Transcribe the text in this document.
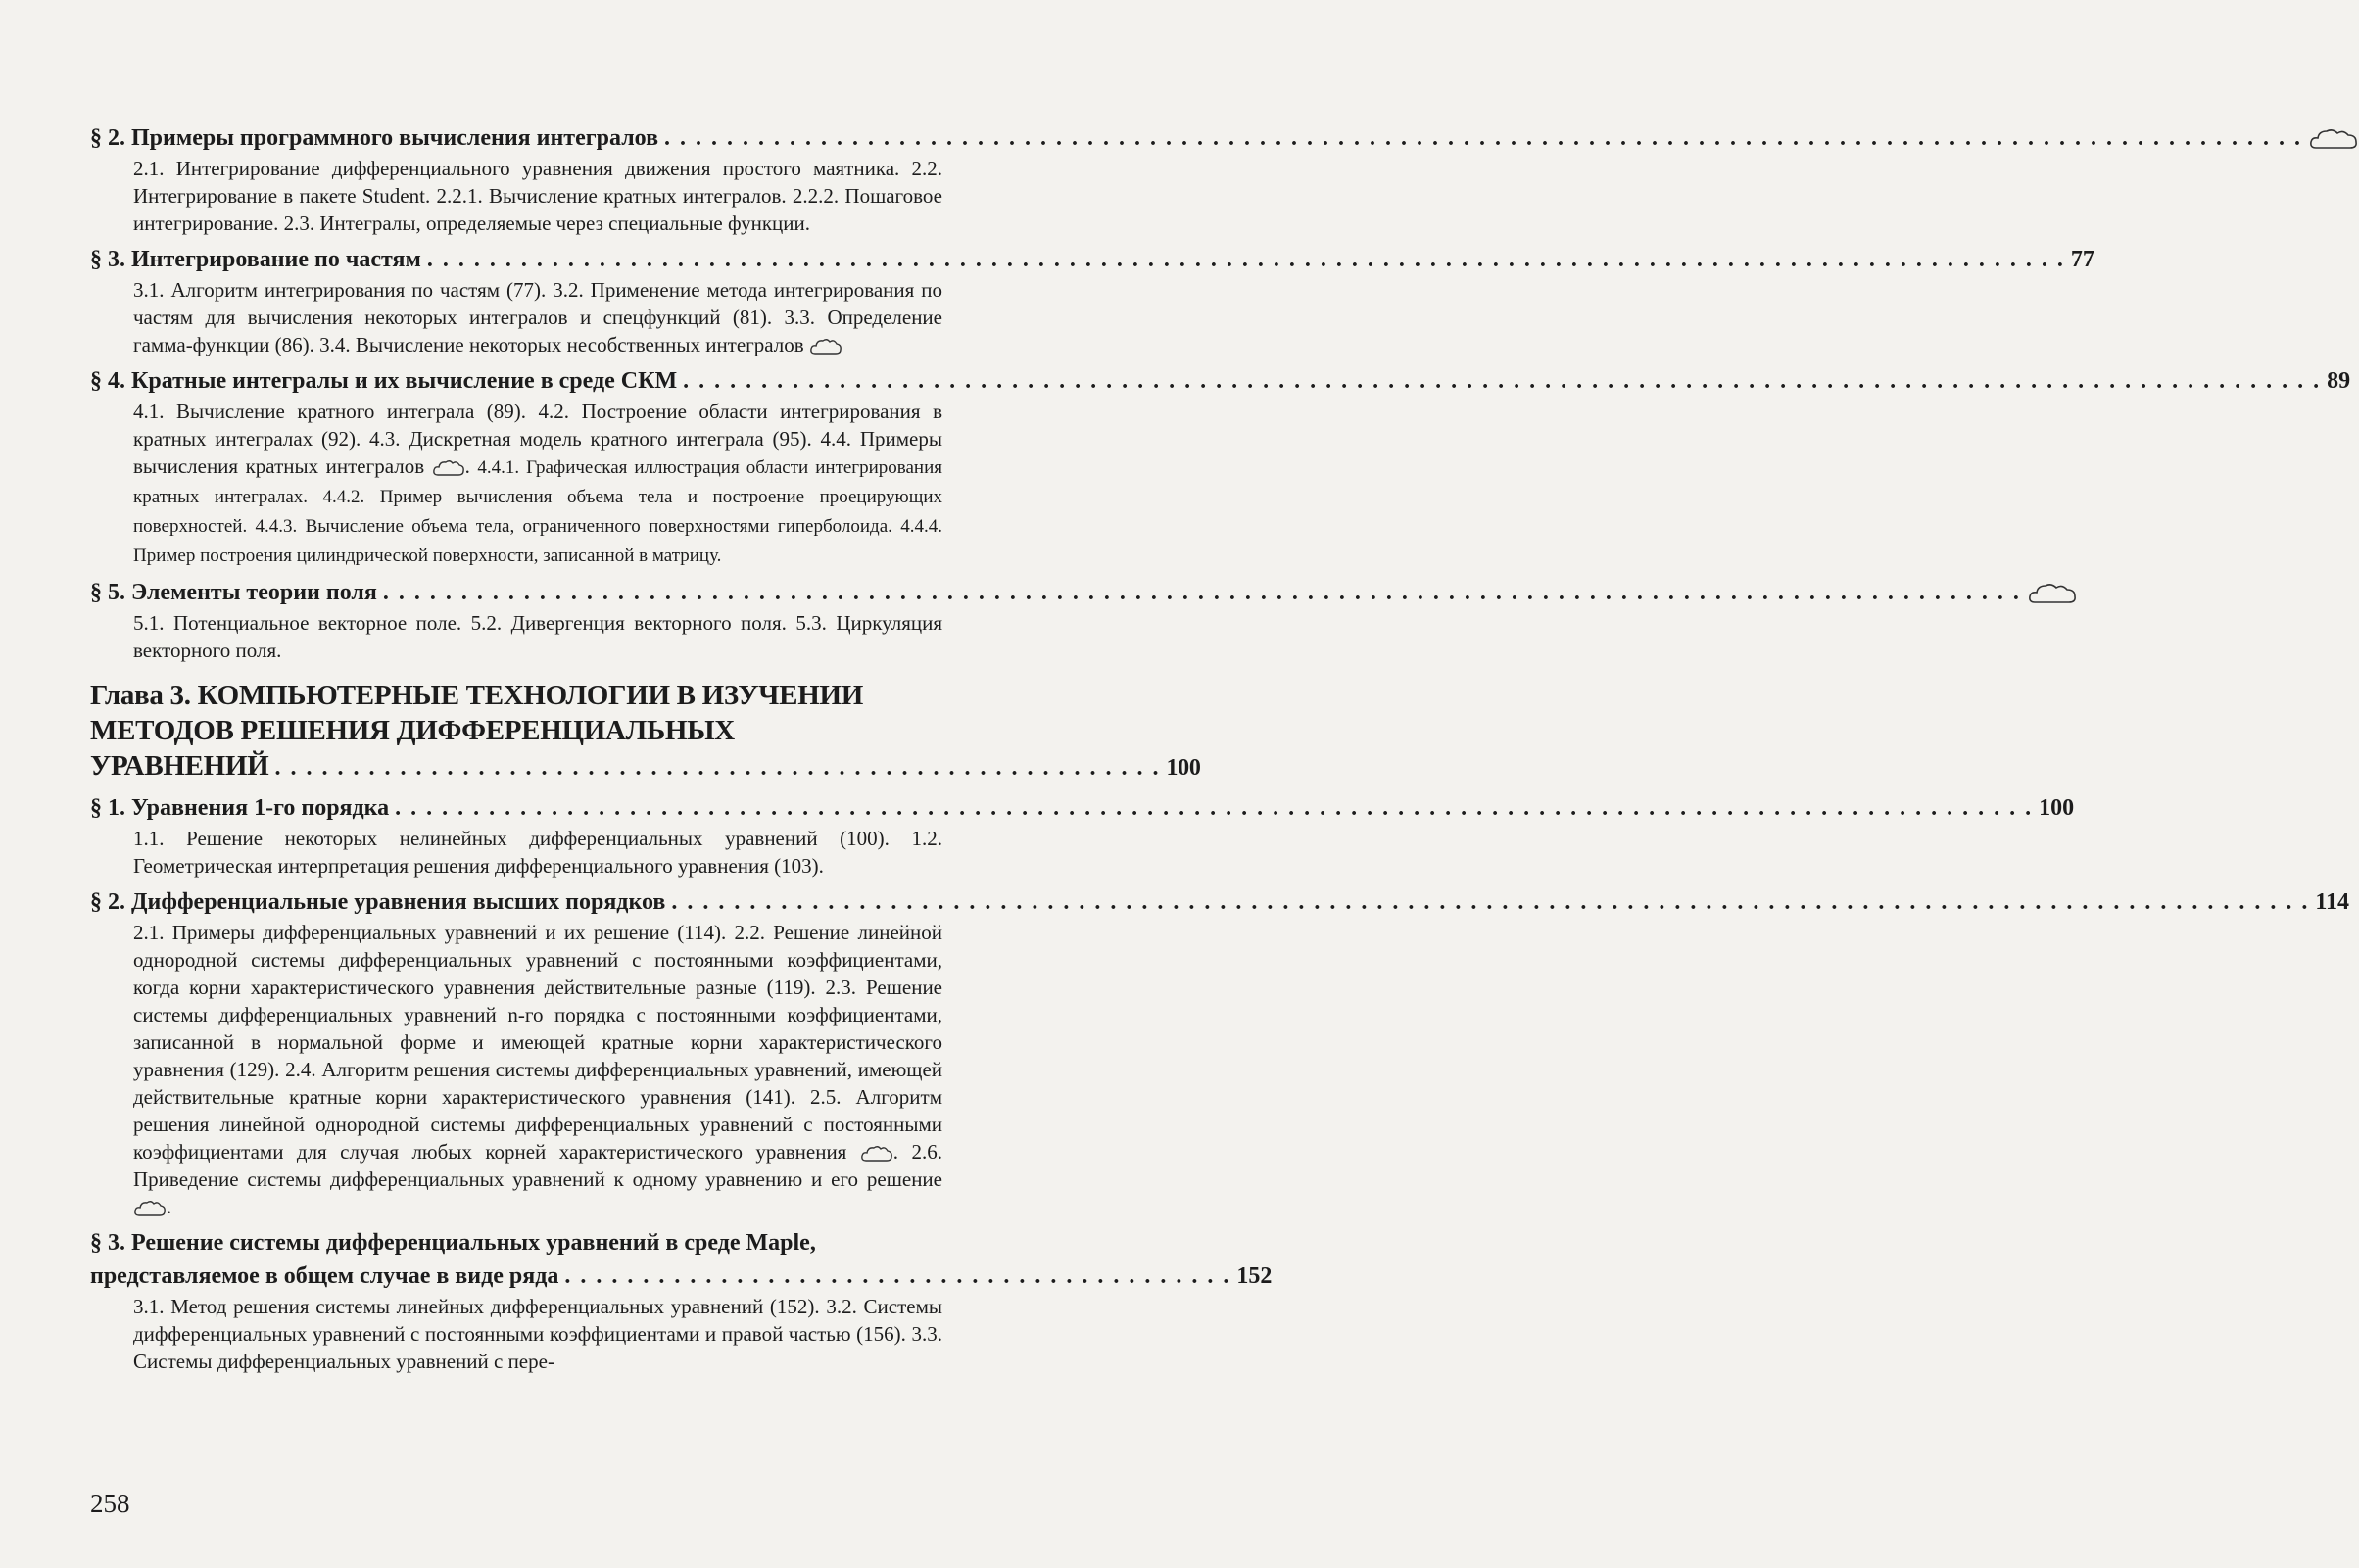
§ 2. Примеры программного вычисления интегралов
. . .
2.1. Интегрирование дифференциального уравнения движения простого маятника. 2.2. Интегрирование в пакете Student. 2.2.1. Вычисление кратных интегралов. 2.2.2. Пошаговое интегрирование. 2.3. Интегралы, определяемые через специальные функции.
§ 3. Интегрирование по частям . . .	77
3.1. Алгоритм интегрирования по частям (77). 3.2. Применение метода интегрирования по частям для вычисления некоторых интегралов и спецфункций (81). 3.3. Определение гамма-функции (86). 3.4. Вычисление некоторых несобственных интегралов
§ 4. Кратные интегралы и их вычисление в среде СКМ . . .	89
4.1. Вычисление кратного интеграла (89). 4.2. Построение области интегрирования в кратных интегралах (92). 4.3. Дискретная модель кратного интеграла (95). 4.4. Примеры вычисления кратных интегралов . 4.4.1. Графическая иллюстрация области интегрирования кратных интегралах. 4.4.2. Пример вычисления объема тела и построение проецирующих поверхностей. 4.4.3. Вычисление объема тела, ограниченного поверхностями гиперболоида. 4.4.4. Пример построения цилиндрической поверхности, записанной в матрицу.
§ 5. Элементы теории поля
. . .
5.1. Потенциальное векторное поле. 5.2. Дивергенция векторного поля. 5.3. Циркуляция векторного поля.
Глава 3. КОМПЬЮТЕРНЫЕ ТЕХНОЛОГИИ В ИЗУЧЕНИИ
МЕТОДОВ РЕШЕНИЯ ДИФФЕРЕНЦИАЛЬНЫХ
УРАВНЕНИЙ . . . . . . . . . . . . . . . . . . . . . . . . . . . . . . . . . . . . . . . . . . . . . . . . . . . . . . . . . 100
§ 1. Уравнения 1-го порядка . . .	100
1.1. Решение некоторых нелинейных дифференциальных уравнений (100). 1.2. Геометрическая интерпретация решения дифференциального уравнения (103).
§ 2. Дифференциальные уравнения высших порядков . . .	114
2.1. Примеры дифференциальных уравнений и их решение (114). 2.2. Решение линейной однородной системы дифференциальных уравнений с постоянными коэффициентами, когда корни характеристического уравнения действительные разные (119). 2.3. Решение системы дифференциальных уравнений n-го порядка с постоянными коэффициентами, записанной в нормальной форме и имеющей кратные корни характеристического уравнения (129). 2.4. Алгоритм решения системы дифференциальных уравнений, имеющей действительные кратные корни характеристического уравнения (141). 2.5. Алгоритм решения линейной однородной системы дифференциальных уравнений с постоянными коэффициентами для случая любых корней характеристического уравнения . 2.6. Приведение системы дифференциальных уравнений к одному уравнению и его решение .
§ 3. Решение системы дифференциальных уравнений в среде Maple,
представляемое в общем случае в виде ряда . . . . . . . . . . . . . . . . . . . . . . . . . . . . . . . . . . . . . . . . . . . 152
3.1. Метод решения системы линейных дифференциальных уравнений (152). 3.2. Системы дифференциальных уравнений с постоянными коэффициентами и правой частью (156). 3.3. Системы дифференциальных уравнений с пере-
258
